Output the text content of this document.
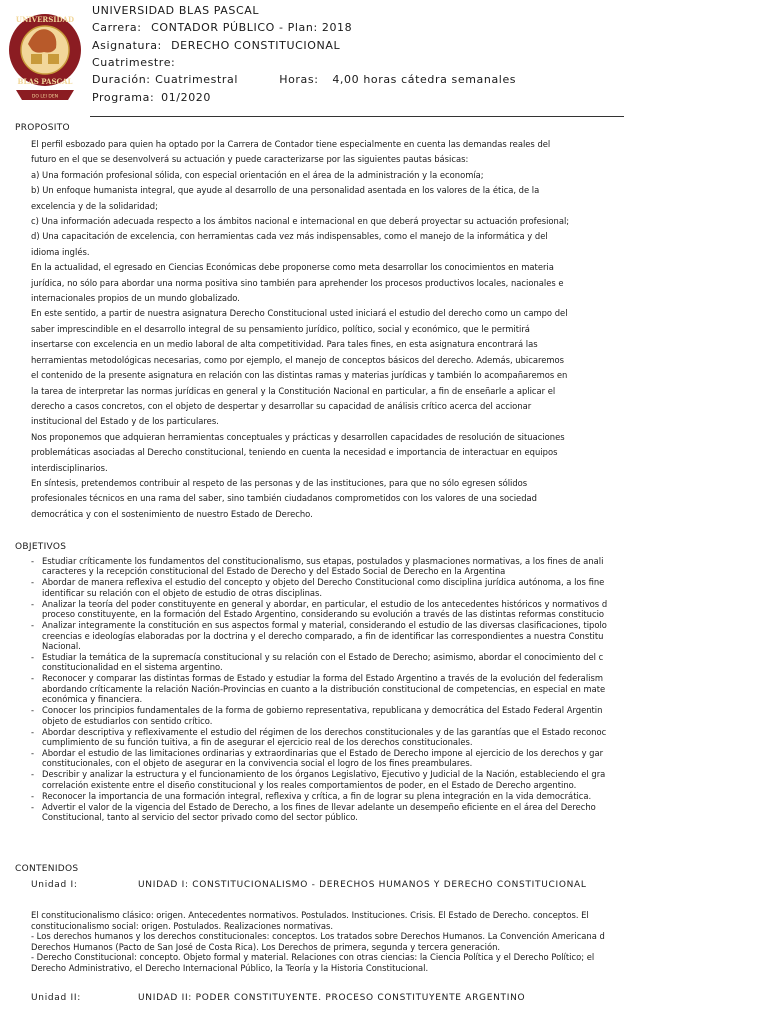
DO LEI DEN
UNIVERSIDAD
BLAS PASCAL
UNIVERSIDAD BLAS PASCAL
Carrera: CONTADOR PÚBLICO - Plan: 2018
Asignatura: DERECHO CONSTITUCIONAL
Cuatrimestre:
Duración: Cuatrimestral	Horas: 4,00 horas cátedra semanales
Programa: 01/2020
PROPOSITO

El perfil esbozado para quien ha optado por la Carrera de Contador tiene especialmente en cuenta las demandas reales del

futuro en el que se desenvolverá su actuación y puede caracterizarse por las siguientes pautas básicas:

a) Una formación profesional sólida, con especial orientación en el área de la administración y la economía;

b) Un enfoque humanista integral, que ayude al desarrollo de una personalidad asentada en los valores de la ética, de la

excelencia y de la solidaridad;

c) Una información adecuada respecto a los ámbitos nacional e internacional en que deberá proyectar su actuación profesional;

d) Una capacitación de excelencia, con herramientas cada vez más indispensables, como el manejo de la informática y del

idioma inglés.

En la actualidad, el egresado en Ciencias Económicas debe proponerse como meta desarrollar los conocimientos en materia

jurídica, no sólo para abordar una norma positiva sino también para aprehender los procesos productivos locales, nacionales e

internacionales propios de un mundo globalizado.

En este sentido, a partir de nuestra asignatura Derecho Constitucional usted iniciará el estudio del derecho como un campo del

saber imprescindible en el desarrollo integral de su pensamiento jurídico, político, social y económico, que le permitirá

insertarse con excelencia en un medio laboral de alta competitividad. Para tales fines, en esta asignatura encontrará las

herramientas metodológicas necesarias, como por ejemplo, el manejo de conceptos básicos del derecho. Además, ubicaremos

el contenido de la presente asignatura en relación con las distintas ramas y materias jurídicas y también lo acompañaremos en

la tarea de interpretar las normas jurídicas en general y la Constitución Nacional en particular, a fin de enseñarle a aplicar el

derecho a casos concretos, con el objeto de despertar y desarrollar su capacidad de análisis crítico acerca del accionar

institucional del Estado y de los particulares.

Nos proponemos que adquieran herramientas conceptuales y prácticas y desarrollen capacidades de resolución de situaciones

problemáticas asociadas al Derecho constitucional, teniendo en cuenta la necesidad e importancia de interactuar en equipos

interdisciplinarios.

En síntesis, pretendemos contribuir al respeto de las personas y de las instituciones, para que no sólo egresen sólidos

profesionales técnicos en una rama del saber, sino también ciudadanos comprometidos con los valores de una sociedad

democrática y con el sostenimiento de nuestro Estado de Derecho.

OBJETIVOS
- Estudiar críticamente los fundamentos del constitucionalismo, sus etapas, postulados y plasmaciones normativas, a los fines de anali
caracteres y la recepción constitucional del Estado de Derecho y del Estado Social de Derecho en la Argentina
- Abordar de manera reflexiva el estudio del concepto y objeto del Derecho Constitucional como disciplina jurídica autónoma, a los fine
identificar su relación con el objeto de estudio de otras disciplinas.
- Analizar la teoría del poder constituyente en general y abordar, en particular, el estudio de los antecedentes históricos y normativos d
proceso constituyente, en la formación del Estado Argentino, considerando su evolución a través de las distintas reformas constitucio
- Analizar integramente la constitución en sus aspectos formal y material, considerando el estudio de las diversas clasificaciones, tipolo
creencias e ideologías elaboradas por la doctrina y el derecho comparado, a fin de identificar las correspondientes a nuestra Constitu
Nacional.
- Estudiar la temática de la supremacía constitucional y su relación con el Estado de Derecho; asimismo, abordar el conocimiento del c
constitucionalidad en el sistema argentino.
- Reconocer y comparar las distintas formas de Estado y estudiar la forma del Estado Argentino a través de la evolución del federalism
abordando críticamente la relación Nación-Provincias en cuanto a la distribución constitucional de competencias, en especial en mate
económica y financiera.
- Conocer los principios fundamentales de la forma de gobierno representativa, republicana y democrática del Estado Federal Argentin
objeto de estudiarlos con sentido crítico.
- Abordar descriptiva y reflexivamente el estudio del régimen de los derechos constitucionales y de las garantías que el Estado reconoc
cumplimiento de su función tuitiva, a fin de asegurar el ejercicio real de los derechos constitucionales.
- Abordar el estudio de las limitaciones ordinarias y extraordinarias que el Estado de Derecho impone al ejercicio de los derechos y gar
constitucionales, con el objeto de asegurar en la convivencia social el logro de los fines preambulares.
- Describir y analizar la estructura y el funcionamiento de los órganos Legislativo, Ejecutivo y Judicial de la Nación, estableciendo el gra
correlación existente entre el diseño constitucional y los reales comportamientos de poder, en el Estado de Derecho argentino.
- Reconocer la importancia de una formación integral, reflexiva y crítica, a fin de lograr su plena integración en la vida democrática.
- Advertir el valor de la vigencia del Estado de Derecho, a los fines de llevar adelante un desempeño eficiente en el área del Derecho
Constitucional, tanto al servicio del sector privado como del sector público.
CONTENIDOS
Unidad I:	UNIDAD I: CONSTITUCIONALISMO - DERECHOS HUMANOS Y DERECHO CONSTITUCIONAL
El constitucionalismo clásico: origen. Antecedentes normativos. Postulados. Instituciones. Crisis. El Estado de Derecho. conceptos. El
constitucionalismo social: origen. Postulados. Realizaciones normativas.
- Los derechos humanos y los derechos constitucionales: conceptos. Los tratados sobre Derechos Humanos. La Convención Americana d
Derechos Humanos (Pacto de San José de Costa Rica). Los Derechos de primera, segunda y tercera generación.
- Derecho Constitucional: concepto. Objeto formal y material. Relaciones con otras ciencias: la Ciencia Política y el Derecho Político; el
Derecho Administrativo, el Derecho Internacional Público, la Teoría y la Historia Constitucional.
Unidad II:	UNIDAD II: PODER CONSTITUYENTE. PROCESO CONSTITUYENTE ARGENTINO
